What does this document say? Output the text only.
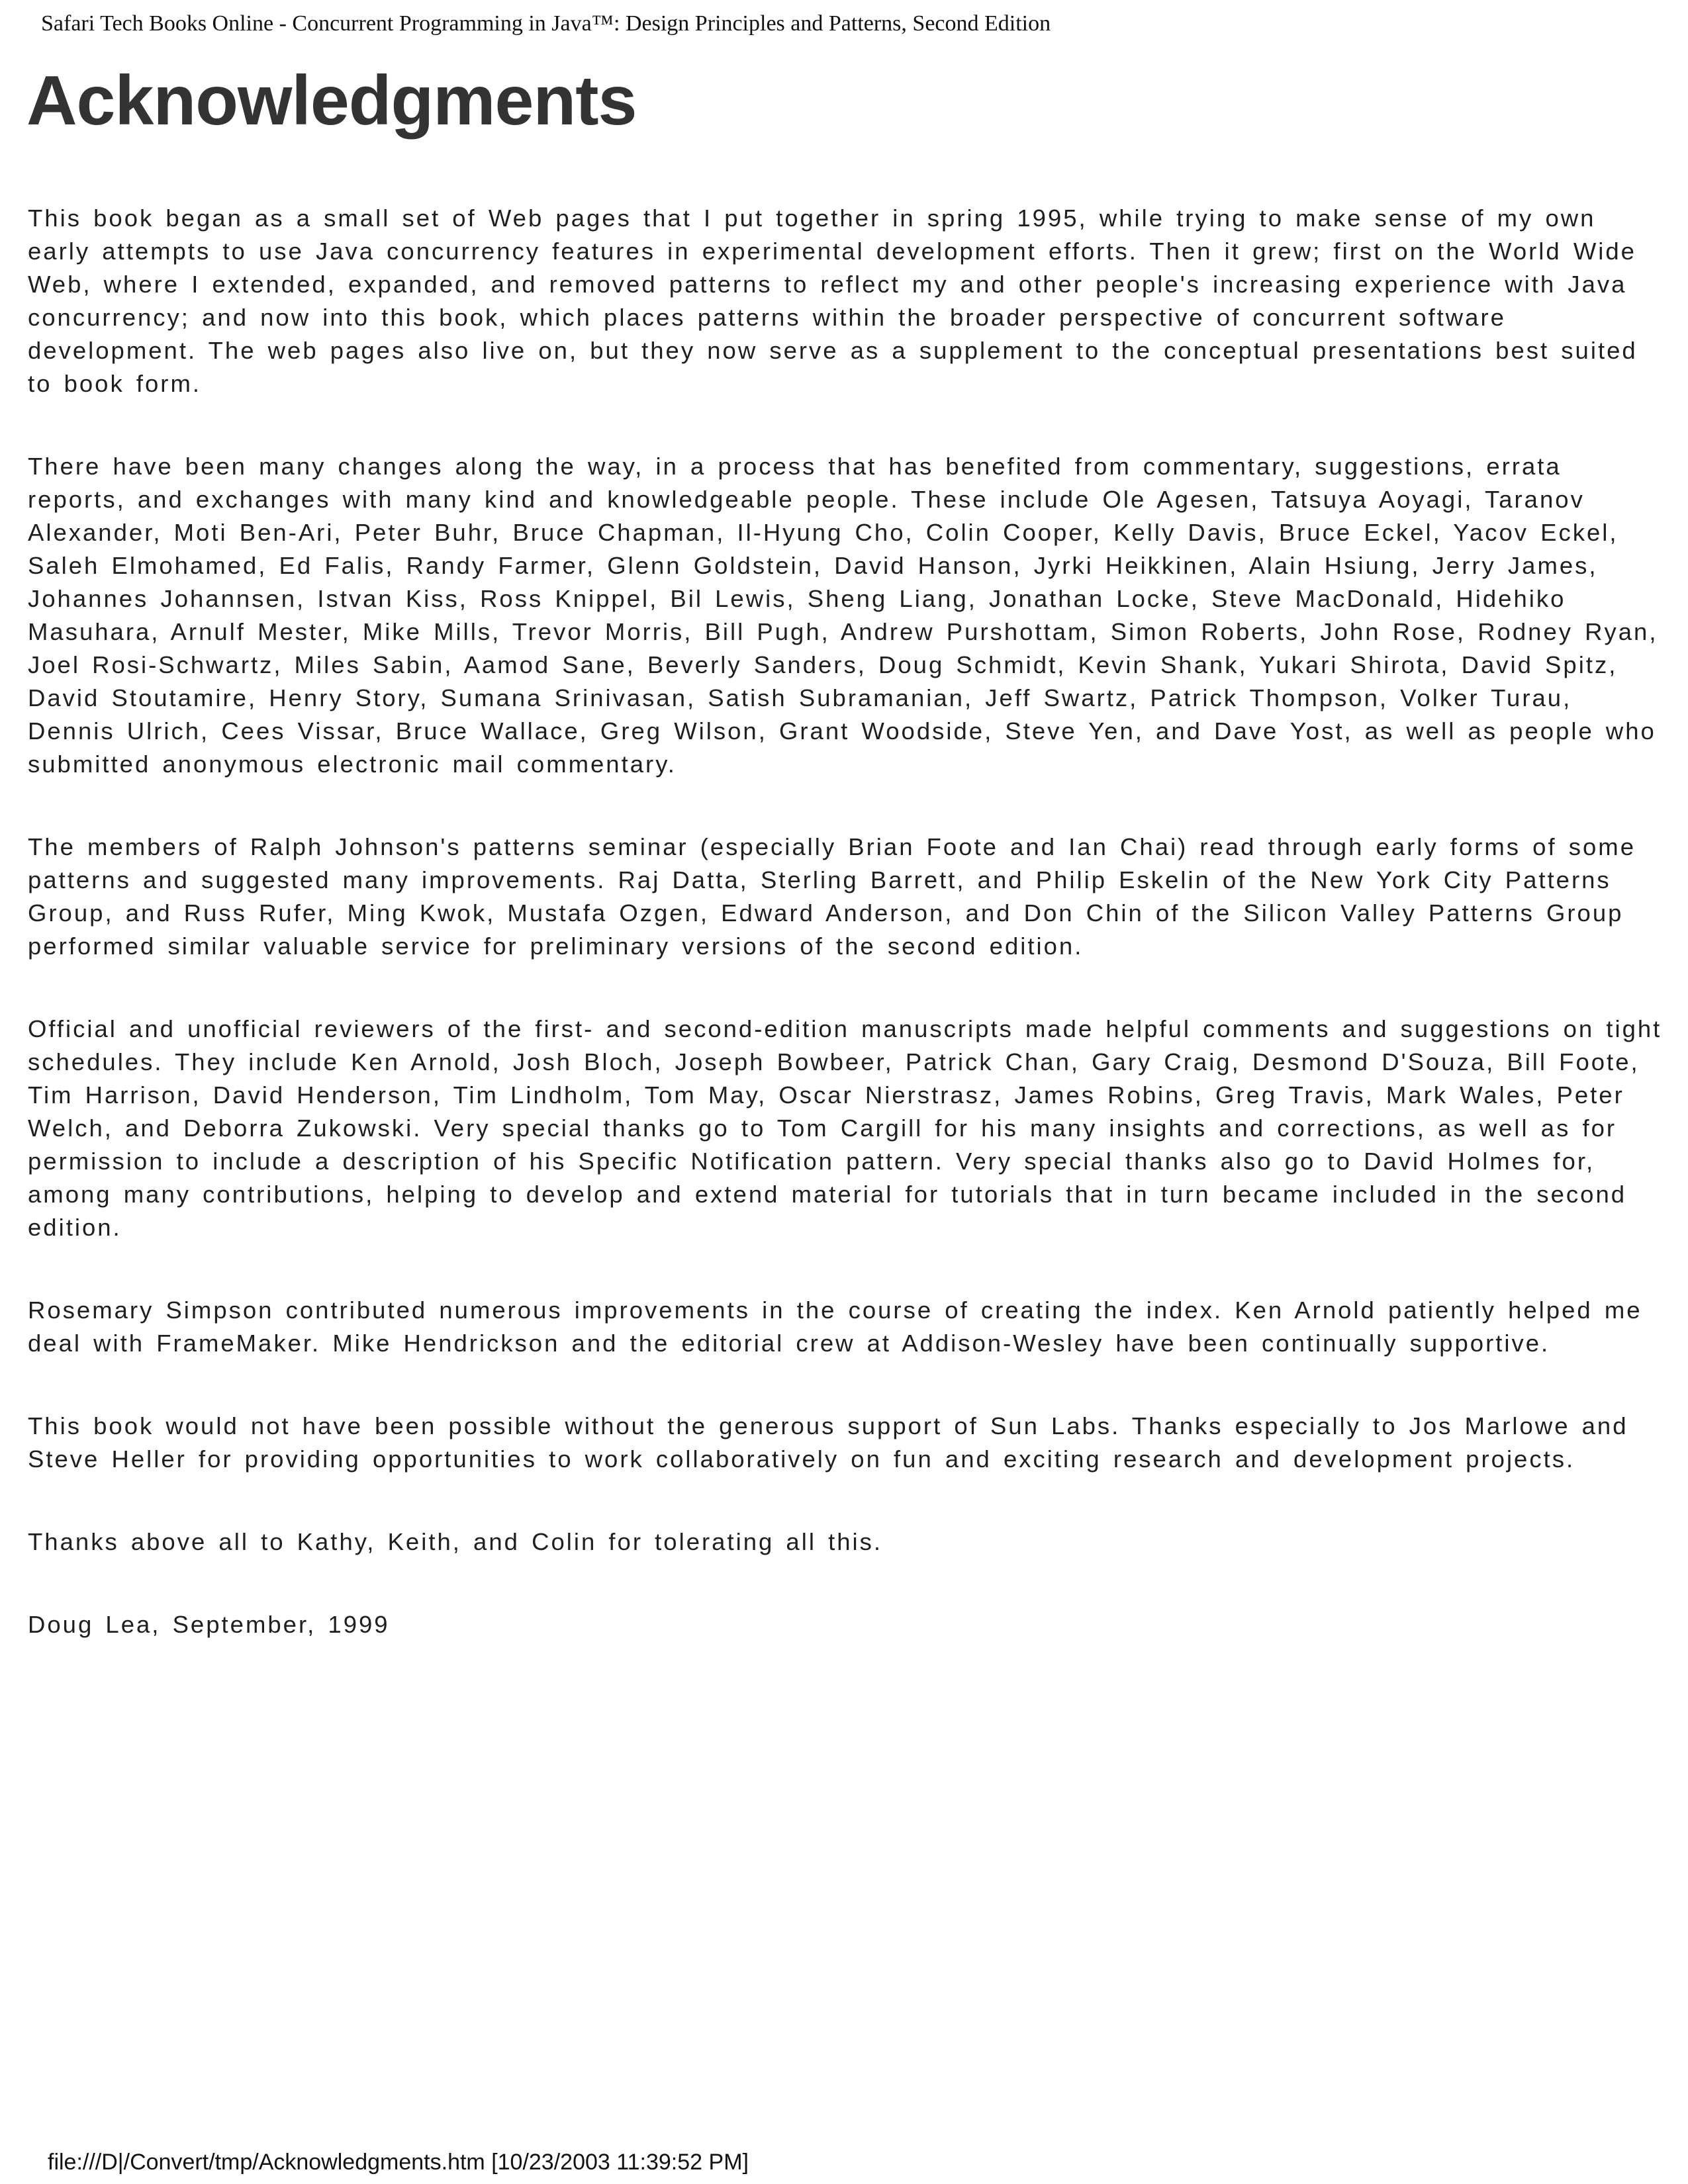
Safari Tech Books Online - Concurrent Programming in Java™: Design Principles and Patterns, Second Edition
Acknowledgments

This book began as a small set of Web pages that I put together in spring 1995, while trying to make sense of my own early attempts to use Java concurrency features in experimental development efforts. Then it grew; first on the World Wide Web, where I extended, expanded, and removed patterns to reflect my and other people's increasing experience with Java concurrency; and now into this book, which places patterns within the broader perspective of concurrent software development. The web pages also live on, but they now serve as a supplement to the conceptual presentations best suited to book form.

There have been many changes along the way, in a process that has benefited from commentary, suggestions, errata reports, and exchanges with many kind and knowledgeable people. These include Ole Agesen, Tatsuya Aoyagi, Taranov Alexander, Moti Ben-Ari, Peter Buhr, Bruce Chapman, Il-Hyung Cho, Colin Cooper, Kelly Davis, Bruce Eckel, Yacov Eckel, Saleh Elmohamed, Ed Falis, Randy Farmer, Glenn Goldstein, David Hanson, Jyrki Heikkinen, Alain Hsiung, Jerry James, Johannes Johannsen, Istvan Kiss, Ross Knippel, Bil Lewis, Sheng Liang, Jonathan Locke, Steve MacDonald, Hidehiko Masuhara, Arnulf Mester, Mike Mills, Trevor Morris, Bill Pugh, Andrew Purshottam, Simon Roberts, John Rose, Rodney Ryan, Joel Rosi-Schwartz, Miles Sabin, Aamod Sane, Beverly Sanders, Doug Schmidt, Kevin Shank, Yukari Shirota, David Spitz, David Stoutamire, Henry Story, Sumana Srinivasan, Satish Subramanian, Jeff Swartz, Patrick Thompson, Volker Turau, Dennis Ulrich, Cees Vissar, Bruce Wallace, Greg Wilson, Grant Woodside, Steve Yen, and Dave Yost, as well as people who submitted anonymous electronic mail commentary.

The members of Ralph Johnson's patterns seminar (especially Brian Foote and Ian Chai) read through early forms of some patterns and suggested many improvements. Raj Datta, Sterling Barrett, and Philip Eskelin of the New York City Patterns Group, and Russ Rufer, Ming Kwok, Mustafa Ozgen, Edward Anderson, and Don Chin of the Silicon Valley Patterns Group performed similar valuable service for preliminary versions of the second edition.

Official and unofficial reviewers of the first- and second-edition manuscripts made helpful comments and suggestions on tight schedules. They include Ken Arnold, Josh Bloch, Joseph Bowbeer, Patrick Chan, Gary Craig, Desmond D'Souza, Bill Foote, Tim Harrison, David Henderson, Tim Lindholm, Tom May, Oscar Nierstrasz, James Robins, Greg Travis, Mark Wales, Peter Welch, and Deborra Zukowski. Very special thanks go to Tom Cargill for his many insights and corrections, as well as for permission to include a description of his Specific Notification pattern. Very special thanks also go to David Holmes for, among many contributions, helping to develop and extend material for tutorials that in turn became included in the second edition.

Rosemary Simpson contributed numerous improvements in the course of creating the index. Ken Arnold patiently helped me deal with FrameMaker. Mike Hendrickson and the editorial crew at Addison-Wesley have been continually supportive.

This book would not have been possible without the generous support of Sun Labs. Thanks especially to Jos Marlowe and Steve Heller for providing opportunities to work collaboratively on fun and exciting research and development projects.

Thanks above all to Kathy, Keith, and Colin for tolerating all this.

Doug Lea, September, 1999

file:///D|/Convert/tmp/Acknowledgments.htm [10/23/2003 11:39:52 PM]
